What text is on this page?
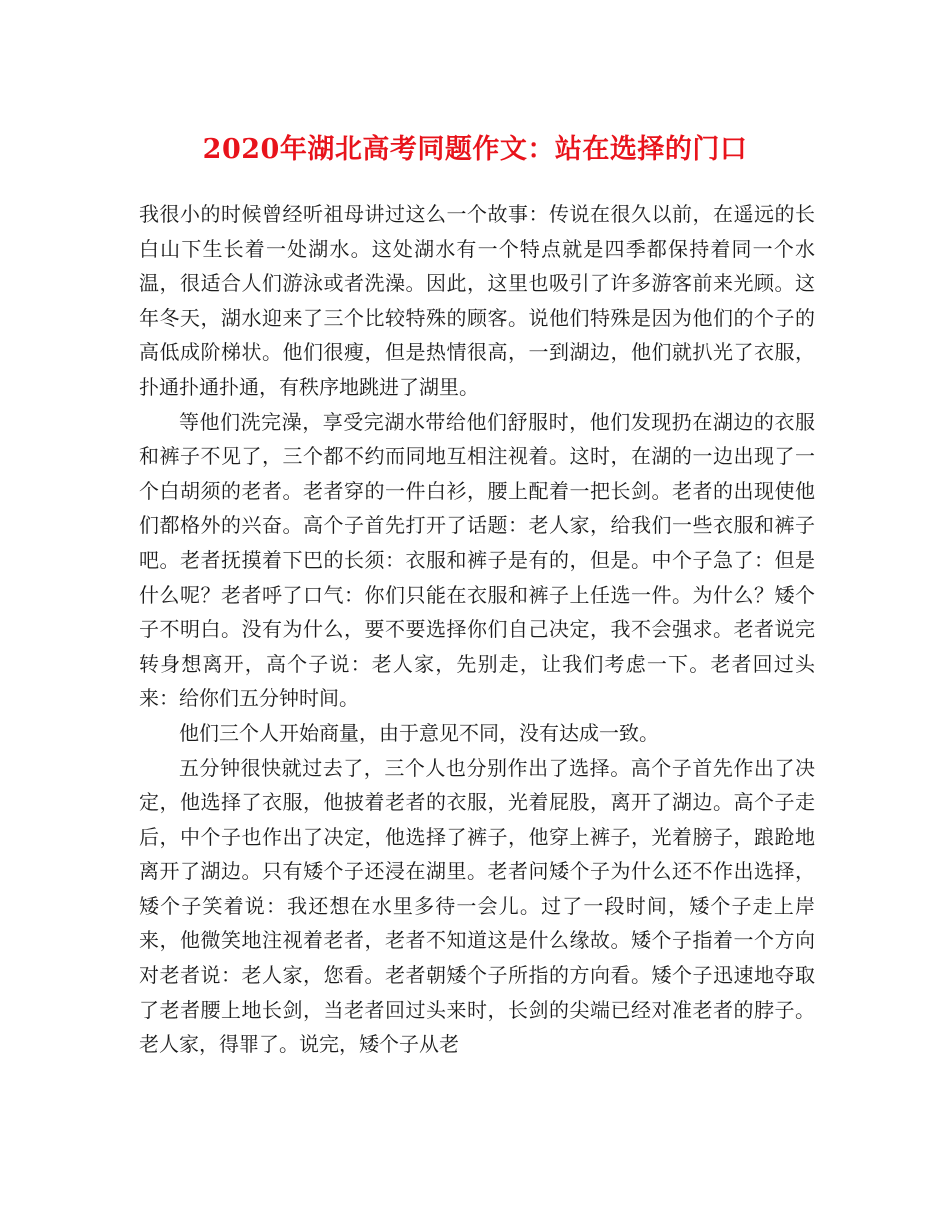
2020年湖北高考同题作文：站在选择的门口

我很小的时候曾经听祖母讲过这么一个故事：传说在很久以前，在遥远的长白山下生长着一处湖水。这处湖水有一个特点就是四季都保持着同一个水温，很适合人们游泳或者洗澡。因此，这里也吸引了许多游客前来光顾。这年冬天，湖水迎来了三个比较特殊的顾客。说他们特殊是因为他们的个子的高低成阶梯状。他们很瘦，但是热情很高，一到湖边，他们就扒光了衣服，扑通扑通扑通，有秩序地跳进了湖里。

等他们洗完澡，享受完湖水带给他们舒服时，他们发现扔在湖边的衣服和裤子不见了，三个都不约而同地互相注视着。这时，在湖的一边出现了一个白胡须的老者。老者穿的一件白衫，腰上配着一把长剑。老者的出现使他们都格外的兴奋。高个子首先打开了话题：老人家，给我们一些衣服和裤子吧。老者抚摸着下巴的长须：衣服和裤子是有的，但是。中个子急了：但是什么呢？老者呼了口气：你们只能在衣服和裤子上任选一件。为什么？矮个子不明白。没有为什么，要不要选择你们自己决定，我不会强求。老者说完转身想离开，高个子说：老人家，先别走，让我们考虑一下。老者回过头来：给你们五分钟时间。

他们三个人开始商量，由于意见不同，没有达成一致。

五分钟很快就过去了，三个人也分别作出了选择。高个子首先作出了决定，他选择了衣服，他披着老者的衣服，光着屁股，离开了湖边。高个子走后，中个子也作出了决定，他选择了裤子，他穿上裤子，光着膀子，踉跄地离开了湖边。只有矮个子还浸在湖里。老者问矮个子为什么还不作出选择，矮个子笑着说：我还想在水里多待一会儿。过了一段时间，矮个子走上岸来，他微笑地注视着老者，老者不知道这是什么缘故。矮个子指着一个方向对老者说：老人家，您看。老者朝矮个子所指的方向看。矮个子迅速地夺取了老者腰上地长剑，当老者回过头来时，长剑的尖端已经对准老者的脖子。老人家，得罪了。说完，矮个子从老
